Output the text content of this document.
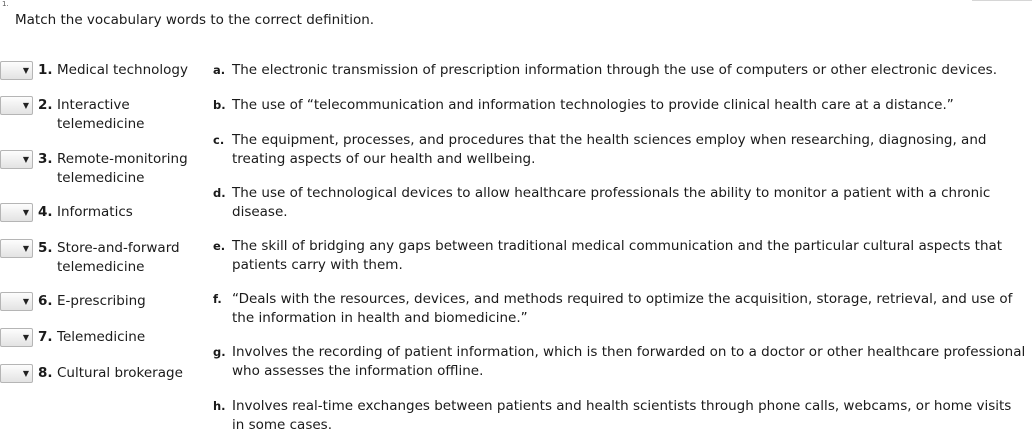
1.
Match the vocabulary words to the correct definition.
▼ 1. Medical technology
▼ 2. Interactive telemedicine
▼ 3. Remote-monitoring telemedicine
▼ 4. Informatics
▼ 5. Store-and-forward telemedicine
▼ 6. E-prescribing
▼ 7. Telemedicine
▼ 8. Cultural brokerage
a. The electronic transmission of prescription information through the use of computers or other electronic devices.
b. The use of “telecommunication and information technologies to provide clinical health care at a distance.”
c. The equipment, processes, and procedures that the health sciences employ when researching, diagnosing, and treating aspects of our health and wellbeing.
d. The use of technological devices to allow healthcare professionals the ability to monitor a patient with a chronic disease.
e. The skill of bridging any gaps between traditional medical communication and the particular cultural aspects that patients carry with them.
f. “Deals with the resources, devices, and methods required to optimize the acquisition, storage, retrieval, and use of the information in health and biomedicine.”
g. Involves the recording of patient information, which is then forwarded on to a doctor or other healthcare professional who assesses the information offline.
h. Involves real-time exchanges between patients and health scientists through phone calls, webcams, or home visits in some cases.
